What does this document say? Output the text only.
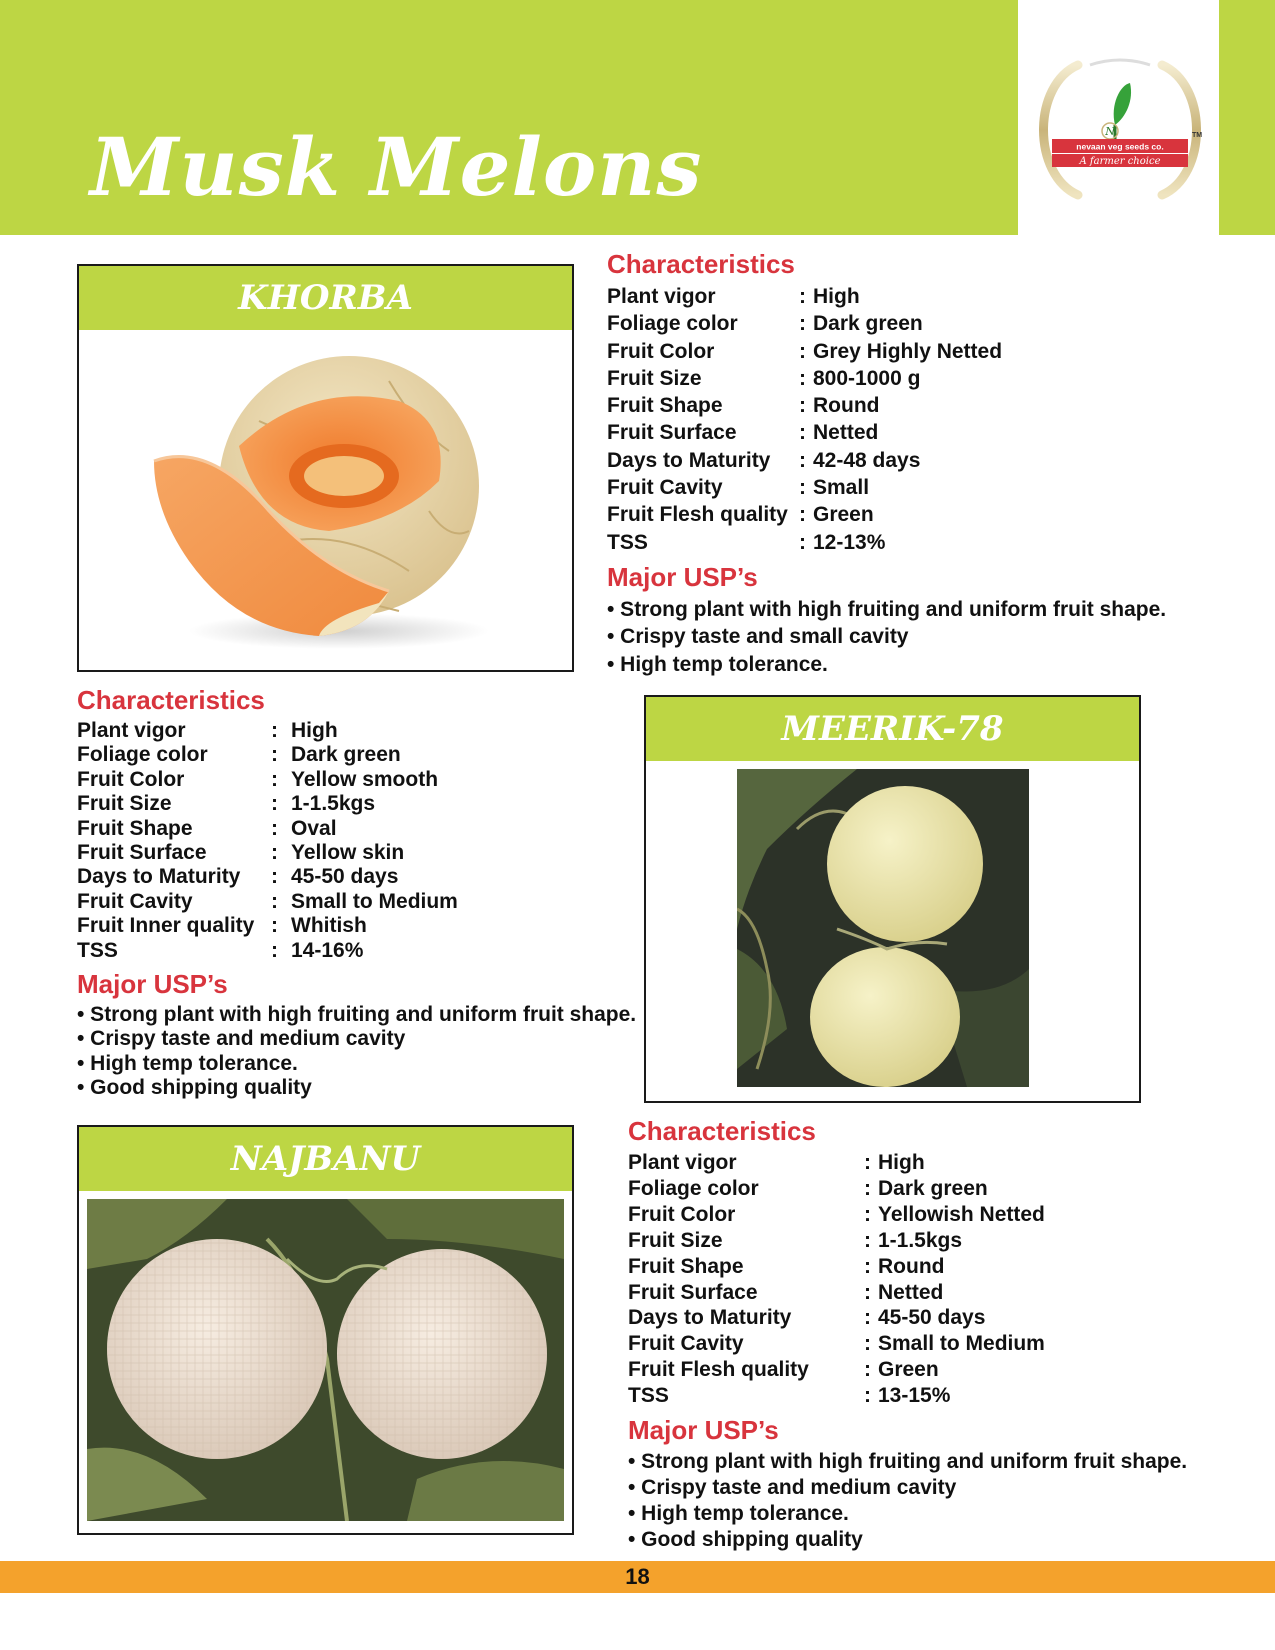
Musk Melons	N
nevaan veg seeds co.
TM
A farmer choice
KHORBA
Characteristics
Plant vigor	: High
Foliage color	: Dark green
Fruit Color	: Grey Highly Netted
Fruit Size	: 800-1000 g
Fruit Shape	: Round
Fruit Surface	: Netted
Days to Maturity	: 42-48 days
Fruit Cavity	: Small
Fruit Flesh quality : Green
TSS	: 12-13%
Major USP’s
• Strong plant with high fruiting and uniform fruit shape.
• Crispy taste and small cavity
• High temp tolerance.
Characteristics
Plant vigor	: High
Foliage color	: Dark green
Fruit Color	: Yellow smooth
Fruit Size	: 1-1.5kgs
Fruit Shape	: Oval
Fruit Surface	: Yellow skin
Days to Maturity	: 45-50 days
Fruit Cavity	: Small to Medium
Fruit Inner quality : Whitish
TSS	: 14-16%
Major USP’s
• Strong plant with high fruiting and uniform fruit shape.
• Crispy taste and medium cavity
• High temp tolerance.
• Good shipping quality
MEERIK-78
NAJBANU
Characteristics
Plant vigor	: High
Foliage color	: Dark green
Fruit Color	: Yellowish Netted
Fruit Size	: 1-1.5kgs
Fruit Shape	: Round
Fruit Surface	: Netted
Days to Maturity	: 45-50 days
Fruit Cavity	: Small to Medium
Fruit Flesh quality	: Green
TSS	: 13-15%
Major USP’s
• Strong plant with high fruiting and uniform fruit shape.
• Crispy taste and medium cavity
• High temp tolerance.
• Good shipping quality
18
